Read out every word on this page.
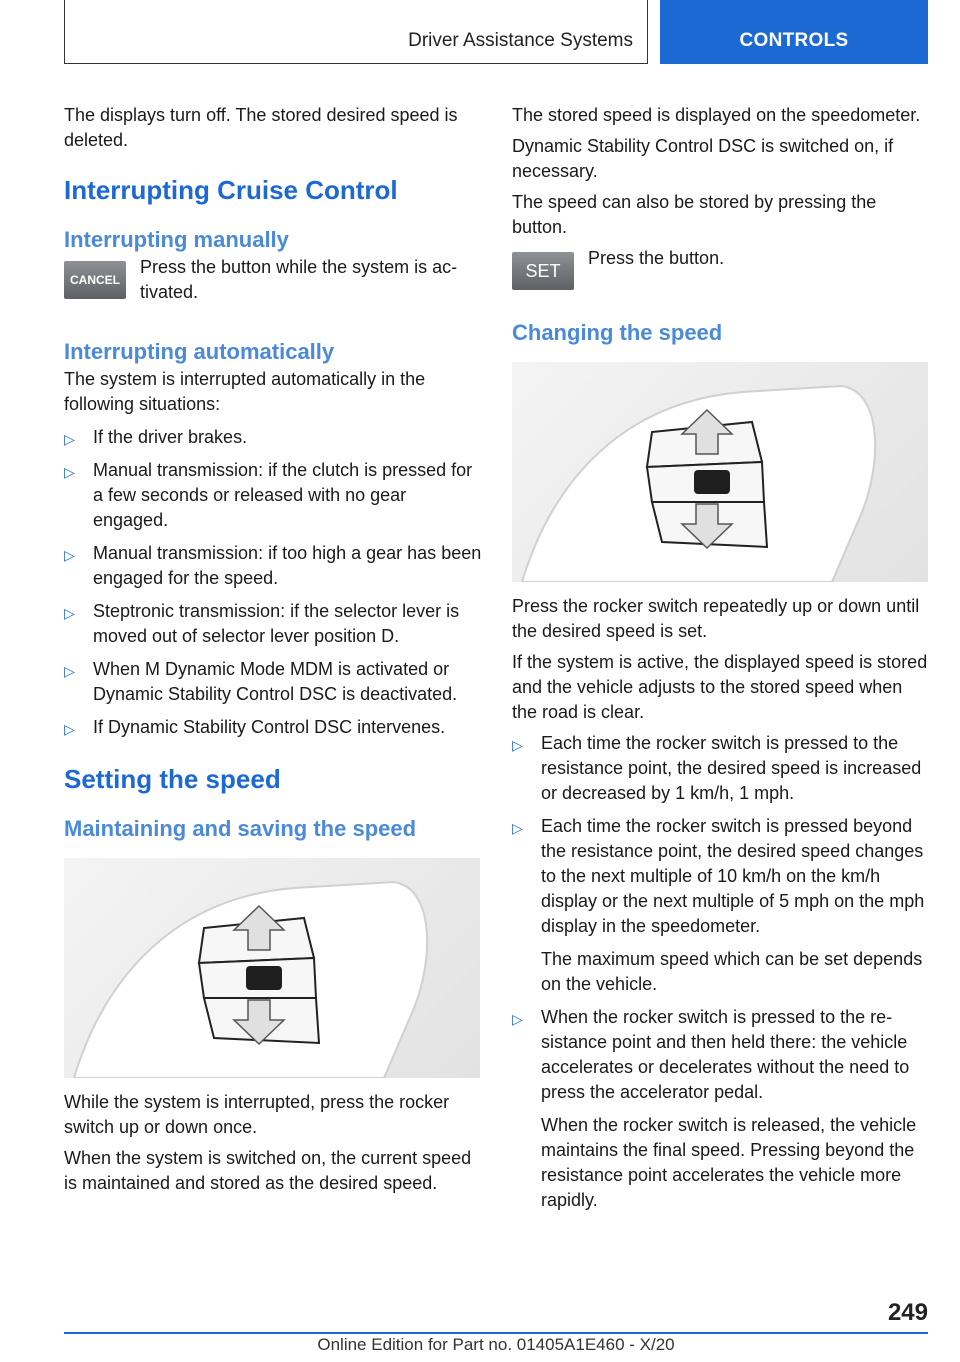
Driver Assistance Systems	CONTROLS

The displays turn off. The stored desired speed is deleted.

Interrupting Cruise Control
Interrupting manually
CANCEL

Press the button while the system is activated.

Interrupting automatically

The system is interrupted automatically in the following situations:

▷ If the driver brakes.
▷ Manual transmission: if the clutch is pressed for a few seconds or released with no gear engaged.
▷ Manual transmission: if too high a gear has been engaged for the speed.
▷ Steptronic transmission: if the selector lever is moved out of selector lever position D.
▷ When M Dynamic Mode MDM is activated or Dynamic Stability Control DSC is deactivated.
▷ If Dynamic Stability Control DSC intervenes.
Setting the speed
Maintaining and saving the speed

While the system is interrupted, press the rocker switch up or down once.

When the system is switched on, the current speed is maintained and stored as the desired speed.

The stored speed is displayed on the speedometer.

Dynamic Stability Control DSC is switched on, if necessary.

The speed can also be stored by pressing the button.

SET

Press the button.

Changing the speed

Press the rocker switch repeatedly up or down until the desired speed is set.

If the system is active, the displayed speed is stored and the vehicle adjusts to the stored speed when the road is clear.

▷ Each time the rocker switch is pressed to the resistance point, the desired speed is increased or decreased by 1 km/h, 1 mph.
▷ Each time the rocker switch is pressed beyond the resistance point, the desired speed changes to the next multiple of 10 km/h on the km/h display or the next multiple of 5 mph on the mph display in the speedometer.
The maximum speed which can be set depends on the vehicle.
▷ When the rocker switch is pressed to the resistance point and then held there: the vehicle accelerates or decelerates without the need to press the accelerator pedal.
When the rocker switch is released, the vehicle maintains the final speed. Pressing beyond the resistance point accelerates the vehicle more rapidly.
249
Online Edition for Part no. 01405A1E460 - X/20
